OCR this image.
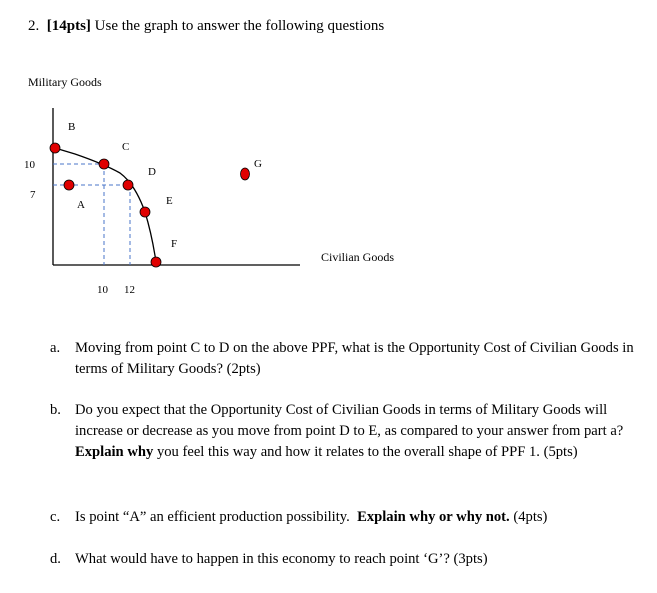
2. [14pts] Use the graph to answer the following questions
Military Goods
Civilian Goods
10
7
10 12
B
A
C
D
E
F
G
a. Moving from point C to D on the above PPF, what is the Opportunity Cost of Civilian Goods in terms of Military Goods? (2pts)
b. Do you expect that the Opportunity Cost of Civilian Goods in terms of Military Goods will increase or decrease as you move from point D to E, as compared to your answer from part a? Explain why you feel this way and how it relates to the overall shape of PPF 1. (5pts)
c. Is point “A” an efficient production possibility. Explain why or why not. (4pts)
d. What would have to happen in this economy to reach point ‘G’? (3pts)
